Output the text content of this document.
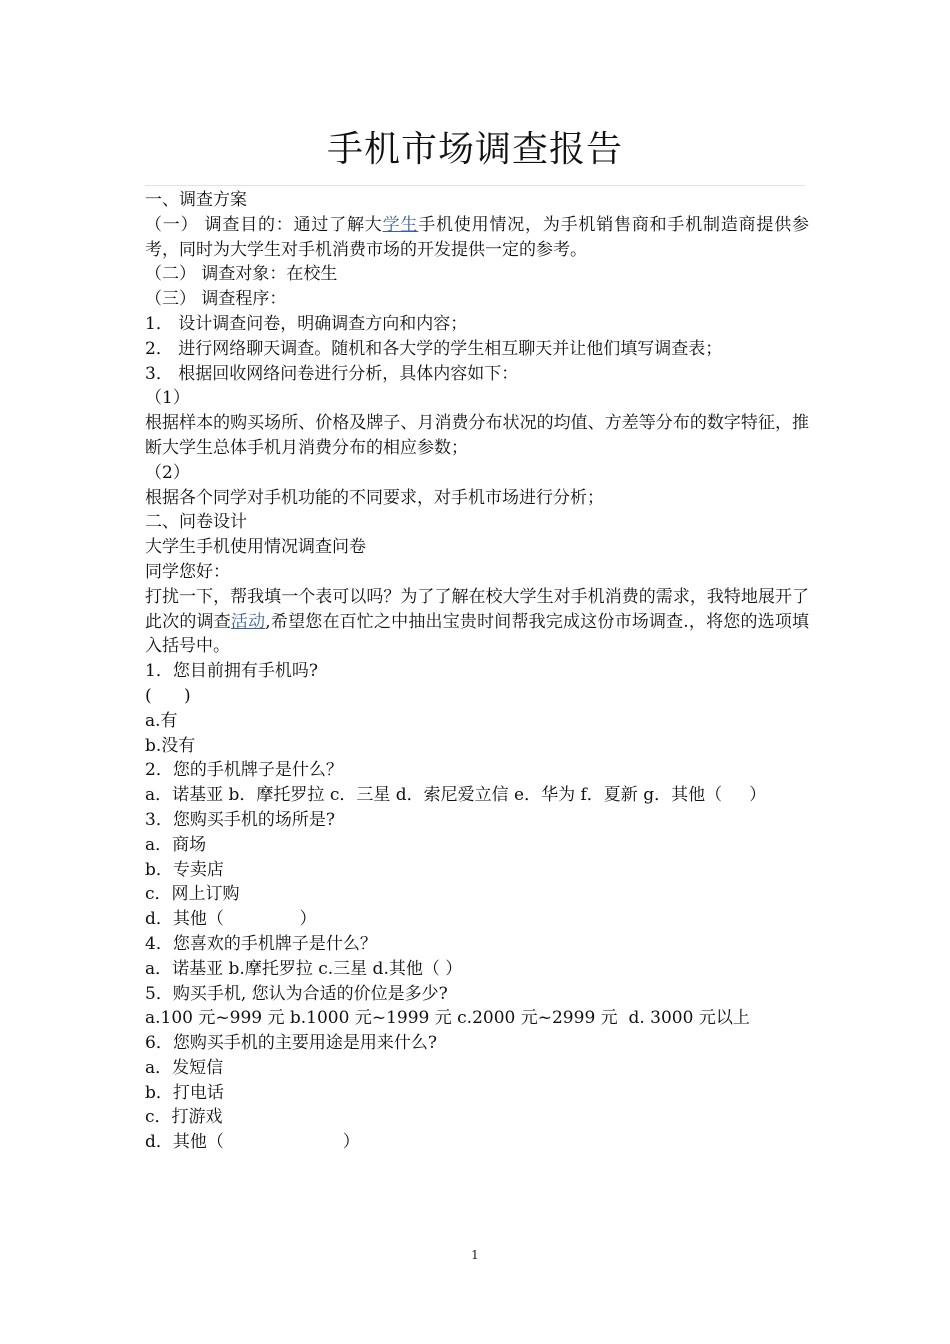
手机市场调查报告
一、调查方案
（一） 调查目的：通过了解大学生手机使用情况，为手机销售商和手机制造商提供参考，同时为大学生对手机消费市场的开发提供一定的参考。
（二） 调查对象：在校生
（三） 调查程序：
1． 设计调查问卷，明确调查方向和内容；
2． 进行网络聊天调查。随机和各大学的学生相互聊天并让他们填写调查表；
3． 根据回收网络问卷进行分析，具体内容如下：
（1）
根据样本的购买场所、价格及牌子、月消费分布状况的均值、方差等分布的数字特征，推断大学生总体手机月消费分布的相应参数；
（2）
根据各个同学对手机功能的不同要求，对手机市场进行分析；
二、问卷设计
大学生手机使用情况调查问卷
同学您好：
打扰一下，帮我填一个表可以吗？为了了解在校大学生对手机消费的需求，我特地展开了此次的调查活动,希望您在百忙之中抽出宝贵时间帮我完成这份市场调查.，将您的选项填入括号中。
1．您目前拥有手机吗?
(      )
a.有
b.没有
2．您的手机牌子是什么？
a．诺基亚 b．摩托罗拉 c．三星 d．索尼爱立信 e．华为 f．夏新 g．其他（     ）
3．您购买手机的场所是?
a．商场
b．专卖店
c．网上订购
d．其他（              ）
4．您喜欢的手机牌子是什么？
a．诺基亚 b.摩托罗拉 c.三星 d.其他（ ）
5．购买手机, 您认为合适的价位是多少?
a.100 元~999 元 b.1000 元~1999 元 c.2000 元~2999 元  d. 3000 元以上
6．您购买手机的主要用途是用来什么?
a．发短信
b．打电话
c．打游戏
d．其他（                      ）
1
